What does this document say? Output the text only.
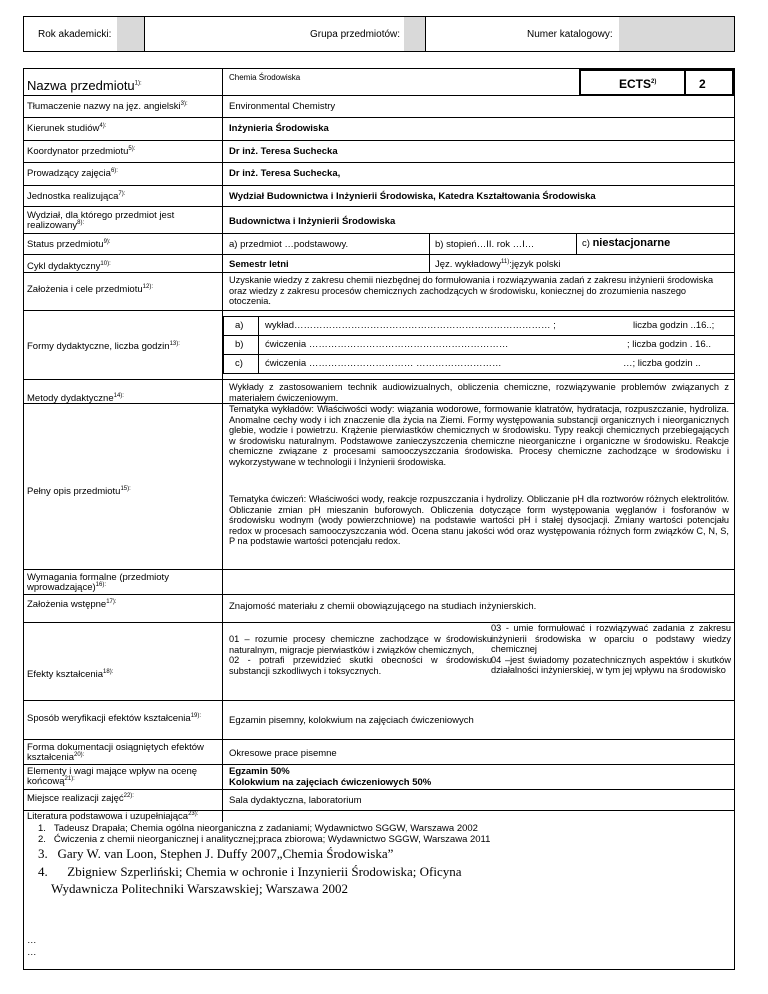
Rok akademicki:	Grupa przedmiotów:	Numer katalogowy:
Nazwa przedmiotu$^{1):}$
Chemia Środowiska	ECTS$^{2)}$	2
Tłumaczenie nazwy na jęz. angielski$^{3):}$	Environmental Chemistry
Kierunek studiów$^{4):}$	Inżynieria Środowiska
Koordynator przedmiotu$^{5):}$	Dr inż. Teresa Suchecka
Prowadzący zajęcia$^{6):}$	Dr inż. Teresa Suchecka,
Jednostka realizująca$^{7):}$	Wydział Budownictwa i Inżynierii Środowiska, Katedra Kształtowania Środowiska
Wydział, dla którego przedmiot jest
realizowany$^{8):}$	Budownictwa i Inżynierii Środowiska
Status przedmiotu$^{9):}$	a) przedmiot …podstawowy.	b) stopień…II. rok …I…	c) niestacjonarne
Cykl dydaktyczny$^{10):}$	Semestr letni	Jęz. wykładowy$^{11)}$:język polski
Założenia i cele przedmiotu$^{12):}$
Uzyskanie wiedzy z zakresu chemii niezbędnej do formułowania i rozwiązywania zadań z zakresu inżynierii środowiska oraz wiedzy z zakresu procesów chemicznych zachodzących w środowisku, koniecznej do zrozumienia naszego otoczenia.
Formy dydaktyczne, liczba godzin$^{13):}$
a) wykład……………………………………………………………………… ;	liczba godzin ..16..;
b) ćwiczenia ………………………………………………………	; liczba godzin . 16..
c) ćwiczenia …………………………… ………………………	…; liczba godzin ..
Metody dydaktyczne$^{14):}$
Wykłady z zastosowaniem technik audiowizualnych, obliczenia chemiczne, rozwiązywanie problemów związanych z materiałem ćwiczeniowym.
Pełny opis przedmiotu$^{15):}$
Tematyka wykładów: Właściwości wody: wiązania wodorowe, formowanie klatratów, hydratacja, rozpuszczanie, hydroliza. Anomalne cechy wody i ich znaczenie dla życia na Ziemi. Formy występowania substancji organicznych i nieorganicznych glebie, wodzie i powietrzu. Krążenie pierwiastków chemicznych w środowisku. Typy reakcji chemicznych przebiegających w środowisku naturalnym. Podstawowe zanieczyszczenia chemiczne nieorganiczne i organiczne w środowisku. Reakcje chemiczne związane z procesami samooczyszczania środowiska. Procesy chemiczne zachodzące w środowisku i wykorzystywane w technologii i Inżynierii środowiska.
Tematyka ćwiczeń: Właściwości wody, reakcje rozpuszczania i hydrolizy. Obliczanie pH dla roztworów różnych elektrolitów. Obliczanie zmian pH mieszanin buforowych. Obliczenia dotyczące form występowania węglanów i fosforanów w środowisku wodnym (wody powierzchniowe) na podstawie wartości pH i stałej dysocjacji. Zmiany wartości potencjału redox w procesach samooczyszczania wód. Ocena stanu jakości wód oraz występowania różnych form związków C, N, S, P na podstawie wartości potencjału redox.
Wymagania formalne (przedmioty
wprowadzające)$^{16):}$
Założenia wstępne$^{17):}$	Znajomość materiału z chemii obowiązującego na studiach inżynierskich.
Efekty kształcenia$^{18):}$
01 – rozumie procesy chemiczne zachodzące w środowisku naturalnym, migracje pierwiastków i związków chemicznych,
02 - potrafi przewidzieć skutki obecności w środowisku substancji szkodliwych i toksycznych.
03 - umie formułować i rozwiązywać zadania z zakresu inżynierii środowiska w oparciu o podstawy wiedzy chemicznej
04 –jest świadomy pozatechnicznych aspektów i skutków działalności inżynierskiej, w tym jej wpływu na środowisko
Sposób weryfikacji efektów kształcenia$^{19):}$	Egzamin pisemny, kolokwium na zajęciach ćwiczeniowych
Forma dokumentacji osiągniętych efektów
kształcenia$^{20):}$	Okresowe prace pisemne
Elementy i wagi mające wpływ na ocenę
końcową$^{21):}$
Egzamin 50%
Kolokwium na zajęciach ćwiczeniowych 50%
Miejsce realizacji zajęć$^{22):}$	Sala dydaktyczna, laboratorium
Literatura podstawowa i uzupełniająca$^{23):}$
1. Tadeusz Drapała; Chemia ogólna nieorganiczna z zadaniami; Wydawnictwo SGGW, Warszawa 2002
2. Ćwiczenia z chemii nieorganicznej i analitycznej;praca zbiorowa; Wydawnictwo SGGW, Warszawa 2011
3. Gary W. van Loon, Stephen J. Duffy 2007„Chemia Środowiska”
4. Zbigniew Szperliński; Chemia w ochronie i Inzynierii Środowiska; Oficyna
Wydawnicza Politechniki Warszawskiej; Warszawa 2002
…
…
